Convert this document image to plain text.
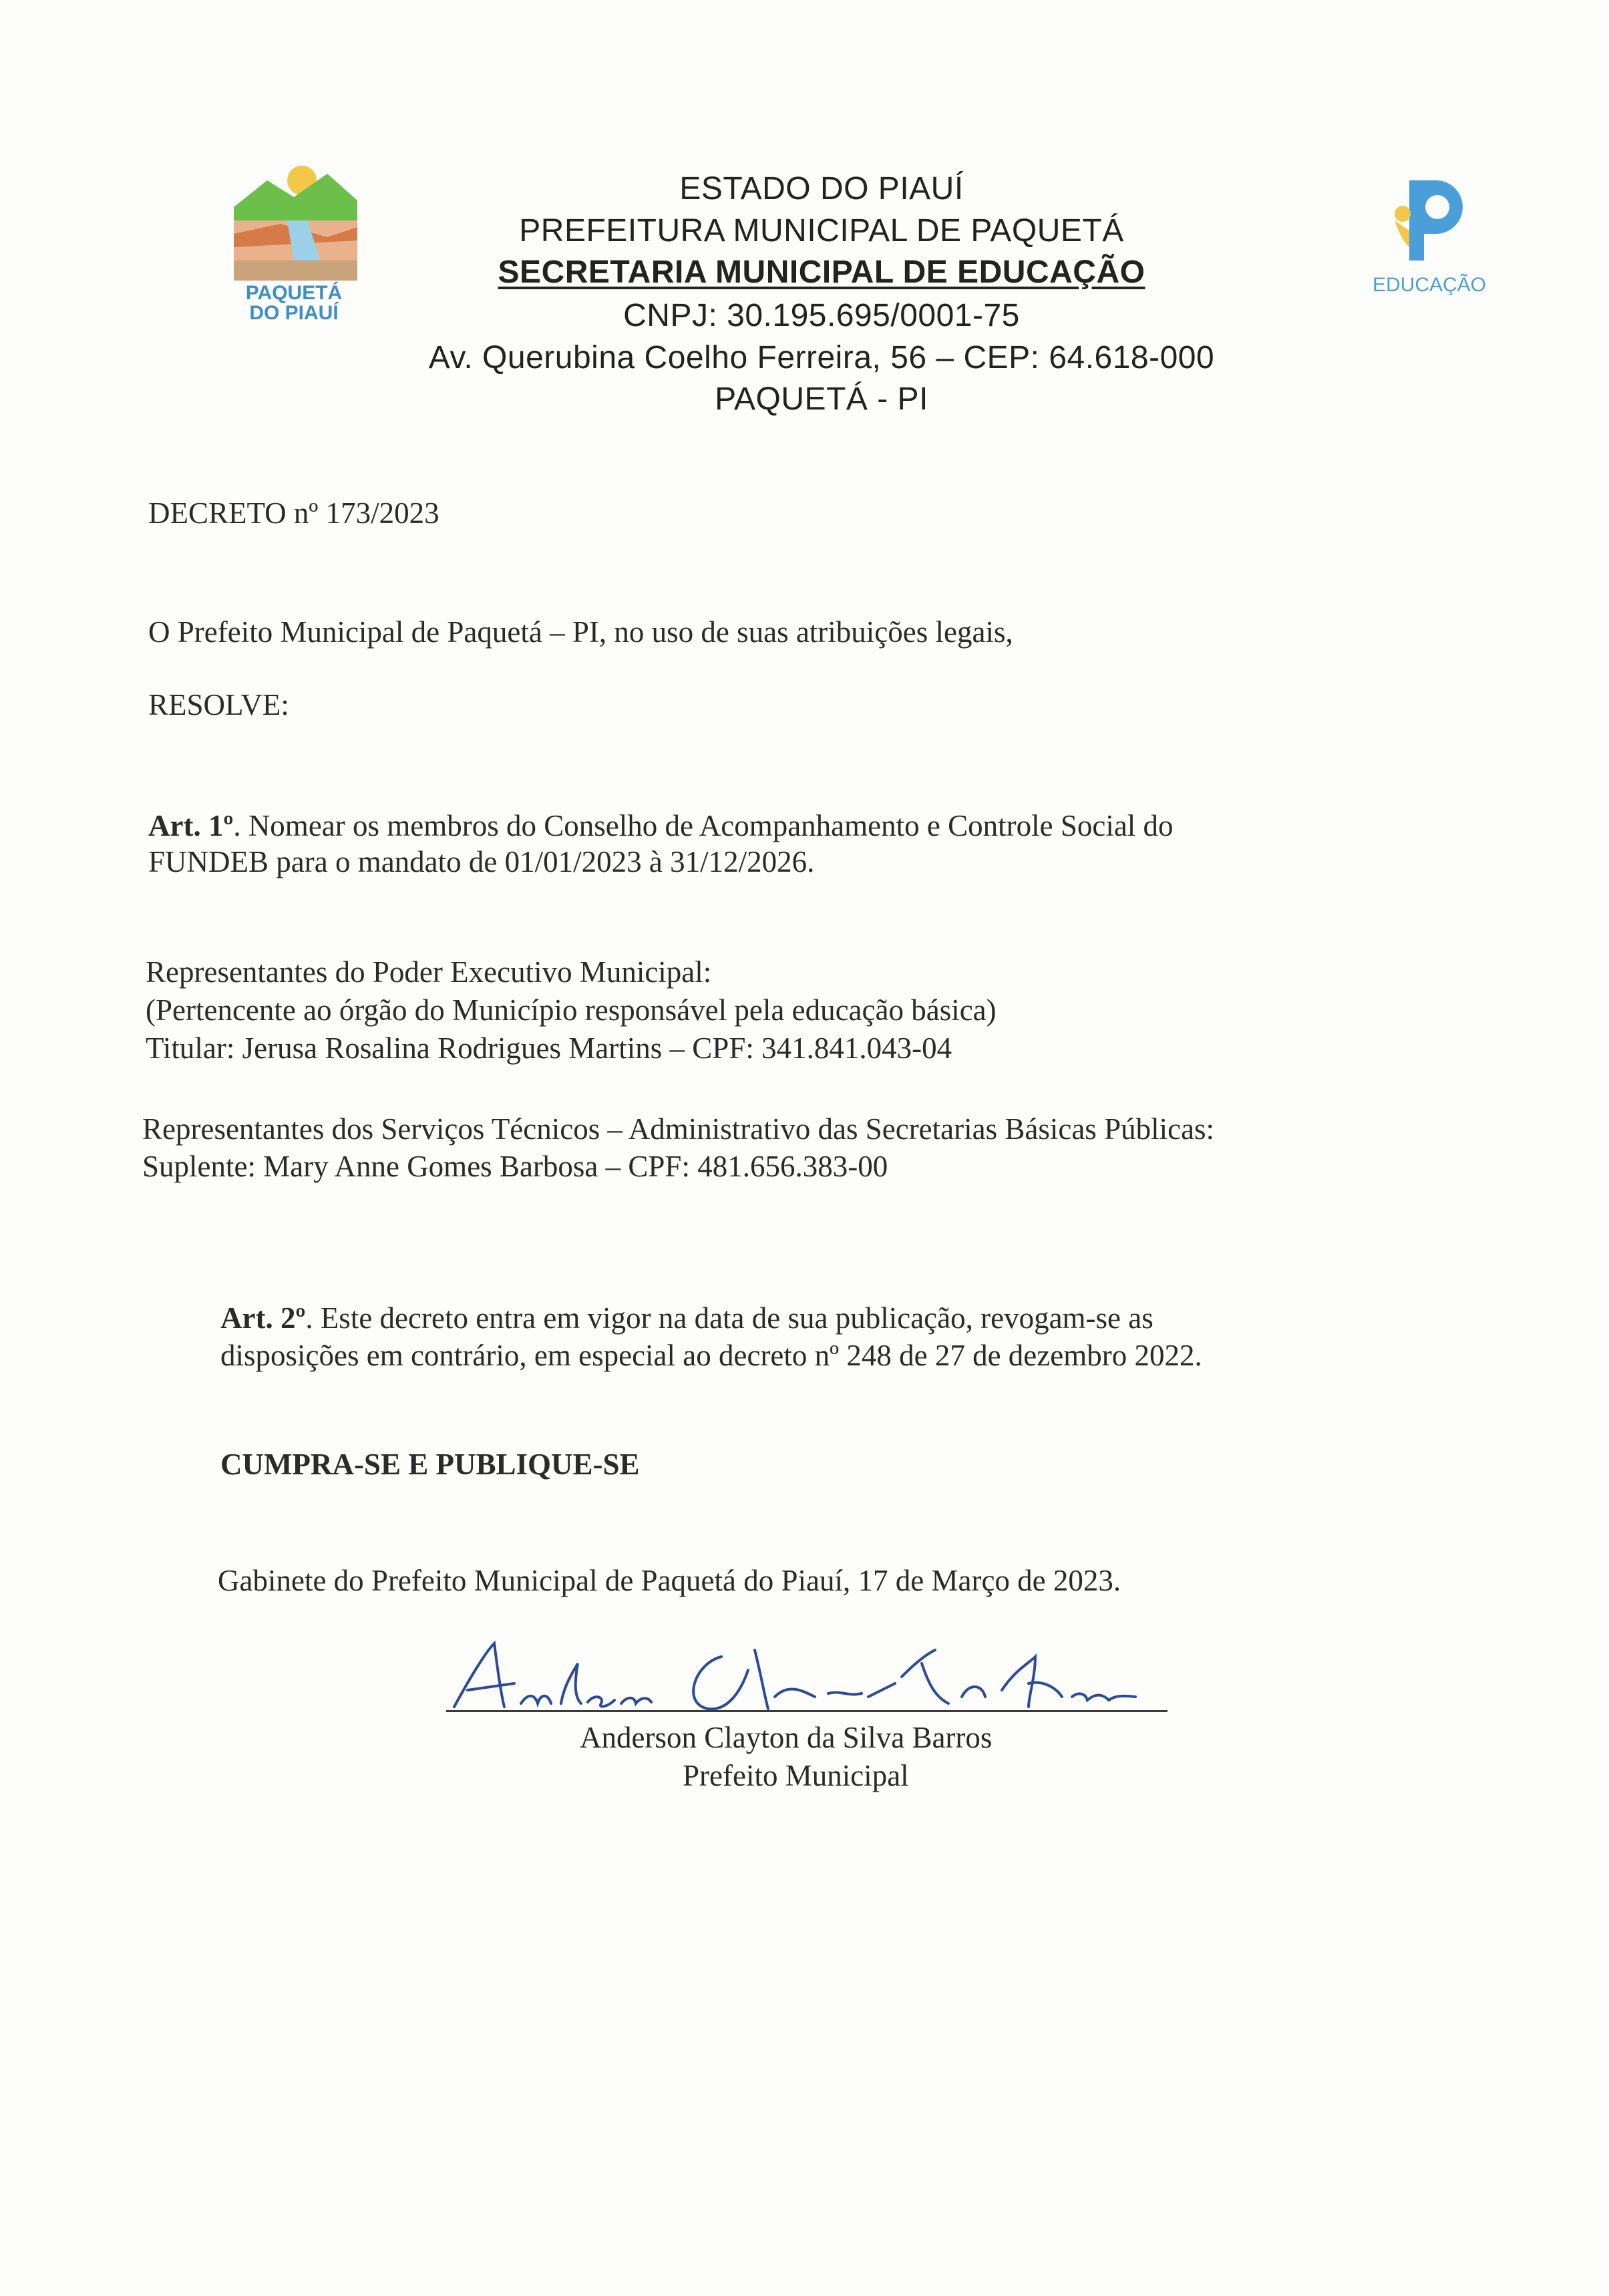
PAQUETÁ
DO PIAUÍ
EDUCAÇÃO
ESTADO DO PIAUÍ
PREFEITURA MUNICIPAL DE PAQUETÁ
SECRETARIA MUNICIPAL DE EDUCAÇÃO
CNPJ: 30.195.695/0001-75
Av. Querubina Coelho Ferreira, 56 – CEP: 64.618-000
PAQUETÁ - PI
DECRETO nº 173/2023
O Prefeito Municipal de Paquetá – PI, no uso de suas atribuições legais,
RESOLVE:
Art. 1º. Nomear os membros do Conselho de Acompanhamento e Controle Social do
FUNDEB para o mandato de 01/01/2023 à 31/12/2026.
Representantes do Poder Executivo Municipal:
(Pertencente ao órgão do Município responsável pela educação básica)
Titular: Jerusa Rosalina Rodrigues Martins – CPF: 341.841.043-04
Representantes dos Serviços Técnicos – Administrativo das Secretarias Básicas Públicas:
Suplente: Mary Anne Gomes Barbosa – CPF: 481.656.383-00
Art. 2º. Este decreto entra em vigor na data de sua publicação, revogam-se as
disposições em contrário, em especial ao decreto nº 248 de 27 de dezembro 2022.
CUMPRA-SE E PUBLIQUE-SE
Gabinete do Prefeito Municipal de Paquetá do Piauí, 17 de Março de 2023.
Anderson Clayton da Silva Barros
Prefeito Municipal
